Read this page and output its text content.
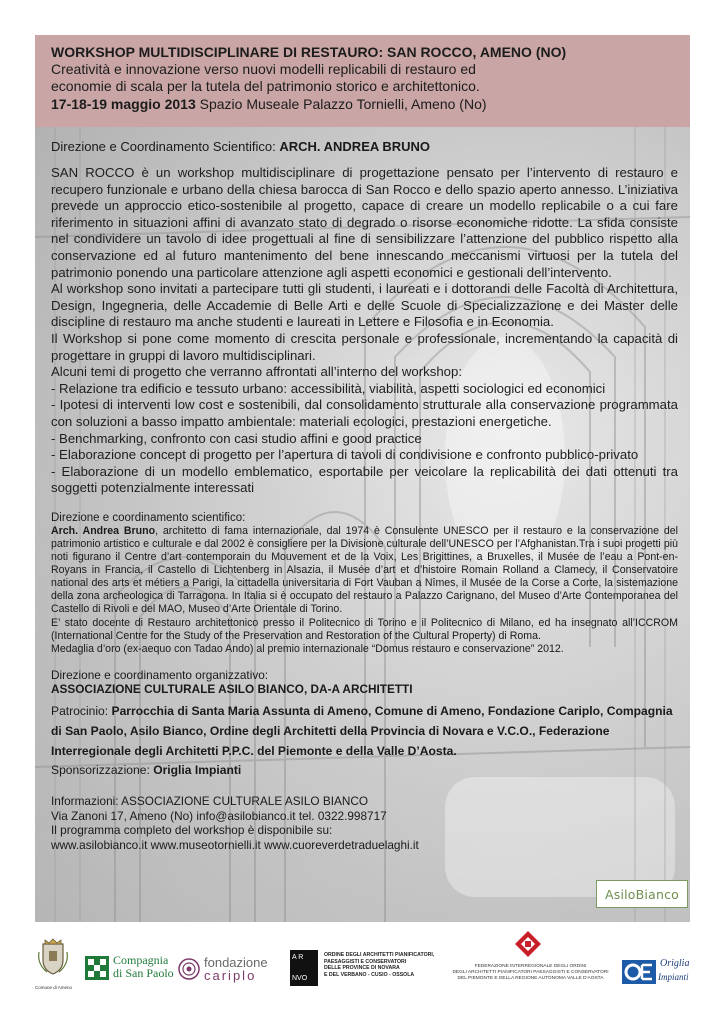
WORKSHOP MULTIDISCIPLINARE DI RESTAURO: SAN ROCCO, AMENO (NO)
Creatività e innovazione verso nuovi modelli replicabili di restauro ed
economie di scala per la tutela del patrimonio storico e architettonico.
17-18-19 maggio 2013 Spazio Museale Palazzo Tornielli, Ameno (No)
Direzione e Coordinamento Scientifico: ARCH. ANDREA BRUNO

SAN ROCCO è un workshop multidisciplinare di progettazione pensato per l’intervento di restauro e recupero funzionale e urbano della chiesa barocca di San Rocco e dello spazio aperto annesso. L’iniziativa prevede un approccio etico-sostenibile al progetto, capace di creare un modello replicabile o a cui fare riferimento in situazioni affini di avanzato stato di degrado o risorse economiche ridotte. La sfida consiste nel condividere un tavolo di idee progettuali al fine di sensibilizzare l’attenzione del pubblico rispetto alla conservazione ed al futuro mantenimento del bene innescando meccanismi virtuosi per la tutela del patrimonio ponendo una particolare attenzione agli aspetti economici e gestionali dell’intervento.

Al workshop sono invitati a partecipare tutti gli studenti, i laureati e i dottorandi delle Facoltà di Architettura, Design, Ingegneria, delle Accademie di Belle Arti e delle Scuole di Specializzazione e dei Master delle discipline di restauro ma anche studenti e laureati in Lettere e Filosofia e in Economia.

Il Workshop si pone come momento di crescita personale e professionale, incrementando la capacità di progettare in gruppi di lavoro multidisciplinari.

Alcuni temi di progetto che verranno affrontati all’interno del workshop:

- Relazione tra edificio e tessuto urbano: accessibilità, viabilità, aspetti sociologici ed economici
- Ipotesi di interventi low cost e sostenibili, dal consolidamento strutturale alla conservazione programmata con soluzioni a basso impatto ambientale: materiali ecologici, prestazioni energetiche.
- Benchmarking, confronto con casi studio affini e good practice
- Elaborazione concept di progetto per l’apertura di tavoli di condivisione e confronto pubblico-privato
- Elaborazione di un modello emblematico, esportabile per veicolare la replicabilità dei dati ottenuti tra soggetti potenzialmente interessati
Direzione e coordinamento scientifico:

Arch. Andrea Bruno, architetto di fama internazionale, dal 1974 è Consulente UNESCO per il restauro e la conservazione del patrimonio artistico e culturale e dal 2002 è consigliere per la Divisione culturale dell’UNESCO per l’Afghanistan.Tra i suoi progetti più noti figurano il Centre d’art contemporain du Mouvement et de la Voix, Les Brigittines, a Bruxelles, il Musée de l’eau a Pont-en-Royans in Francia, il Castello di Lichtenberg in Alsazia, il Musée d’art et d’histoire Romain Rolland a Clamecy, il Conservatoire national des arts et métiers a Parigi, la cittadella universitaria di Fort Vauban a Nîmes, il Musée de la Corse a Corte, la sistemazione della zona archeologica di Tarragona. In Italia si è occupato del restauro a Palazzo Carignano, del Museo d’Arte Contemporanea del Castello di Rivoli e del MAO, Museo d’Arte Orientale di Torino.

E’ stato docente di Restauro architettonico presso il Politecnico di Torino e il Politecnico di Milano, ed ha insegnato all’ICCROM (International Centre for the Study of the Preservation and Restoration of the Cultural Property) di Roma.

Medaglia d’oro (ex-aequo con Tadao Ando) al premio internazionale “Domus restauro e conservazione” 2012.

Direzione e coordinamento organizzativo:
ASSOCIAZIONE CULTURALE ASILO BIANCO, DA-A ARCHITETTI
Patrocinio: Parrocchia di Santa Maria Assunta di Ameno, Comune di Ameno, Fondazione Cariplo, Compagnia di San Paolo, Asilo Bianco, Ordine degli Architetti della Provincia di Novara e V.C.O., Federazione Interregionale degli Architetti P.P.C. del Piemonte e della Valle D’Aosta.
Sponsorizzazione: Origlia Impianti
Informazioni: ASSOCIAZIONE CULTURALE ASILO BIANCO
Via Zanoni 17, Ameno (No) info@asilobianco.it tel. 0322.998717
Il programma completo del workshop è disponibile su:
www.asilobianco.it www.museotornielli.it www.cuoreverdetraduelaghi.it
AsiloBianco
Comune di Ameno
Compagnia
di San Paolo
fondazione
cariplo
A R
NVO
ORDINE DEGLI ARCHITETTI PIANIFICATORI,
PAESAGGISTI E CONSERVATORI
DELLE PROVINCE DI NOVARA
E DEL VERBANO - CUSIO - OSSOLA
FEDERAZIONE INTERREGIONALE DEGLI ORDINI
DEGLI ARCHITETTI PIANIFICATORI PAESAGGISTI E CONSERVATORI
DEL PIEMONTE E DELLA REGIONE AUTONOMA VALLE D’AOSTA
Origlia
Impianti
